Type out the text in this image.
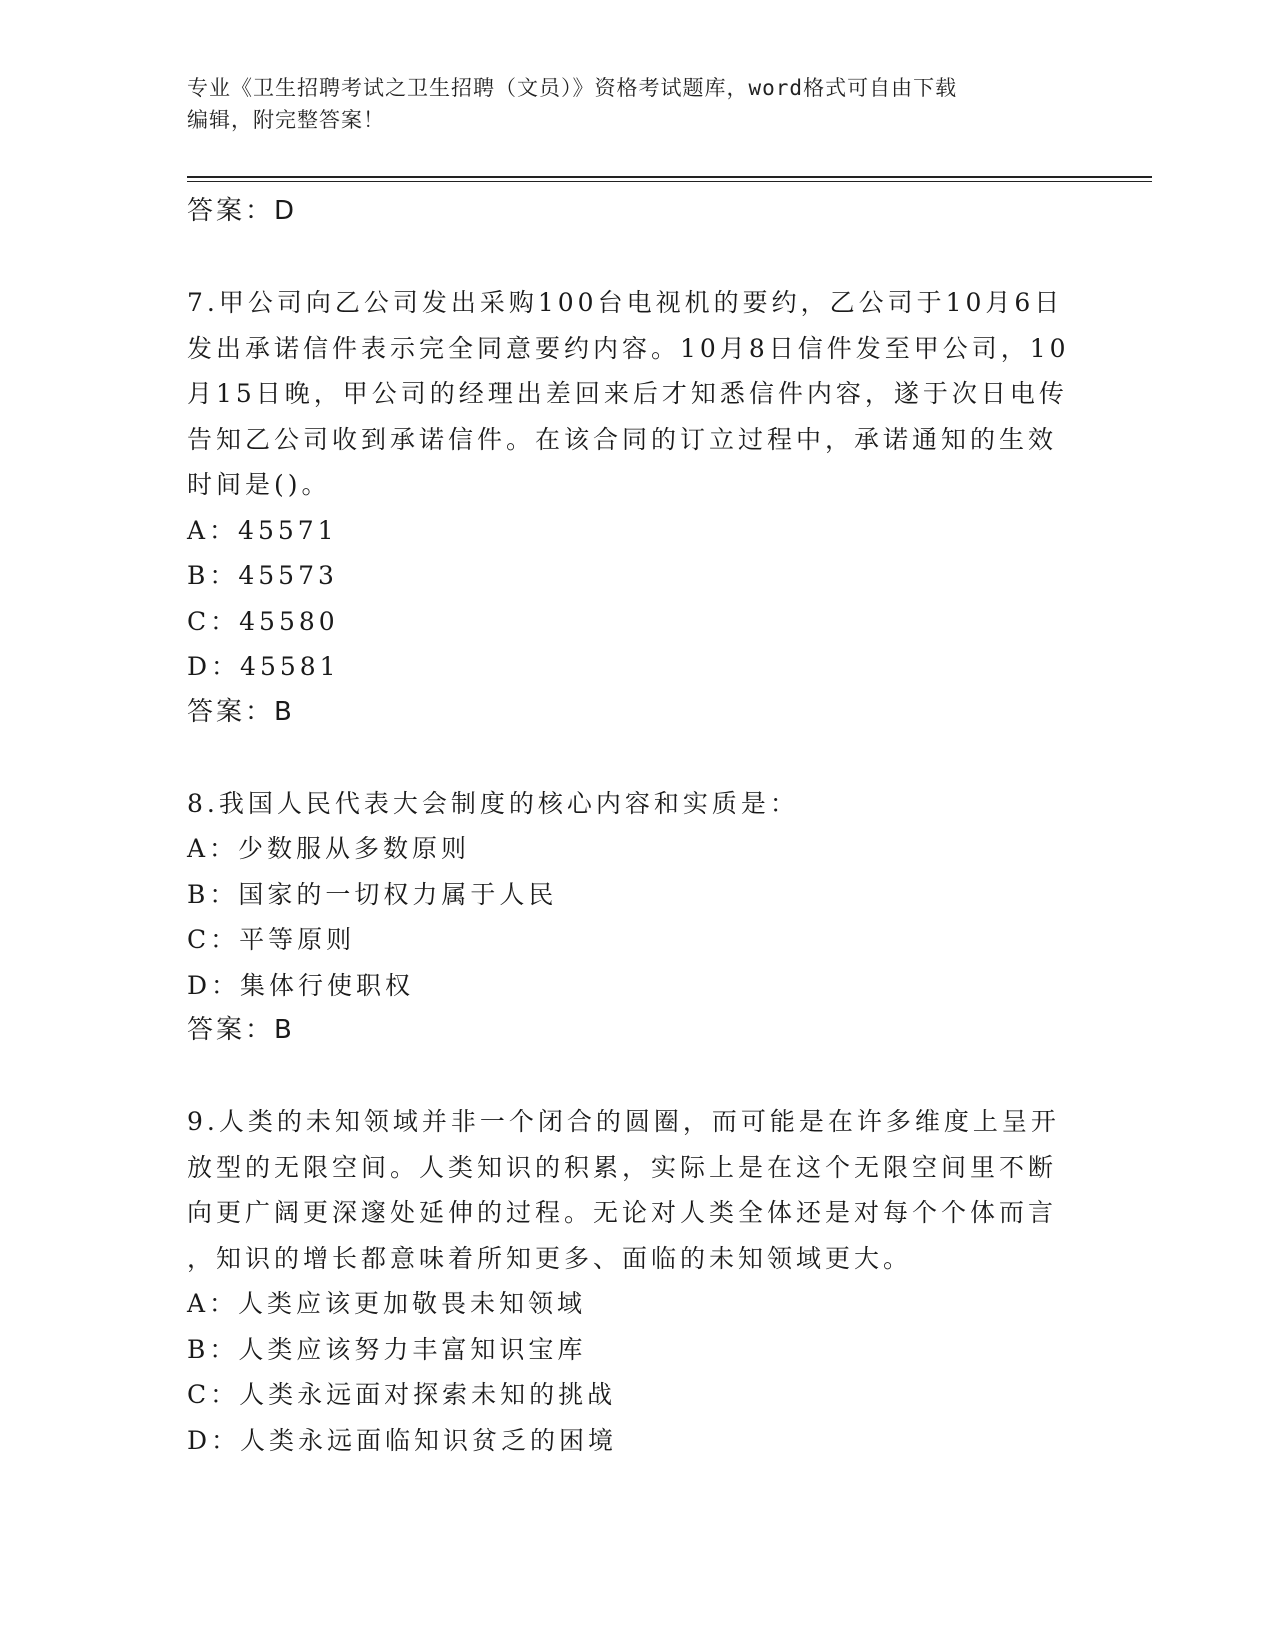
专业《卫生招聘考试之卫生招聘（文员）》资格考试题库，word格式可自由下载
编辑，附完整答案！
答案：D
7.甲公司向乙公司发出采购100台电视机的要约，乙公司于10月6日
发出承诺信件表示完全同意要约内容。10月8日信件发至甲公司，10
月15日晚，甲公司的经理出差回来后才知悉信件内容，遂于次日电传
告知乙公司收到承诺信件。在该合同的订立过程中，承诺通知的生效
时间是()。
A：45571
B：45573
C：45580
D：45581
答案：B
8.我国人民代表大会制度的核心内容和实质是：
A：少数服从多数原则
B：国家的一切权力属于人民
C：平等原则
D：集体行使职权
答案：B
9.人类的未知领域并非一个闭合的圆圈，而可能是在许多维度上呈开
放型的无限空间。人类知识的积累，实际上是在这个无限空间里不断
向更广阔更深邃处延伸的过程。无论对人类全体还是对每个个体而言
，知识的增长都意味着所知更多、面临的未知领域更大。
A：人类应该更加敬畏未知领域
B：人类应该努力丰富知识宝库
C：人类永远面对探索未知的挑战
D：人类永远面临知识贫乏的困境
